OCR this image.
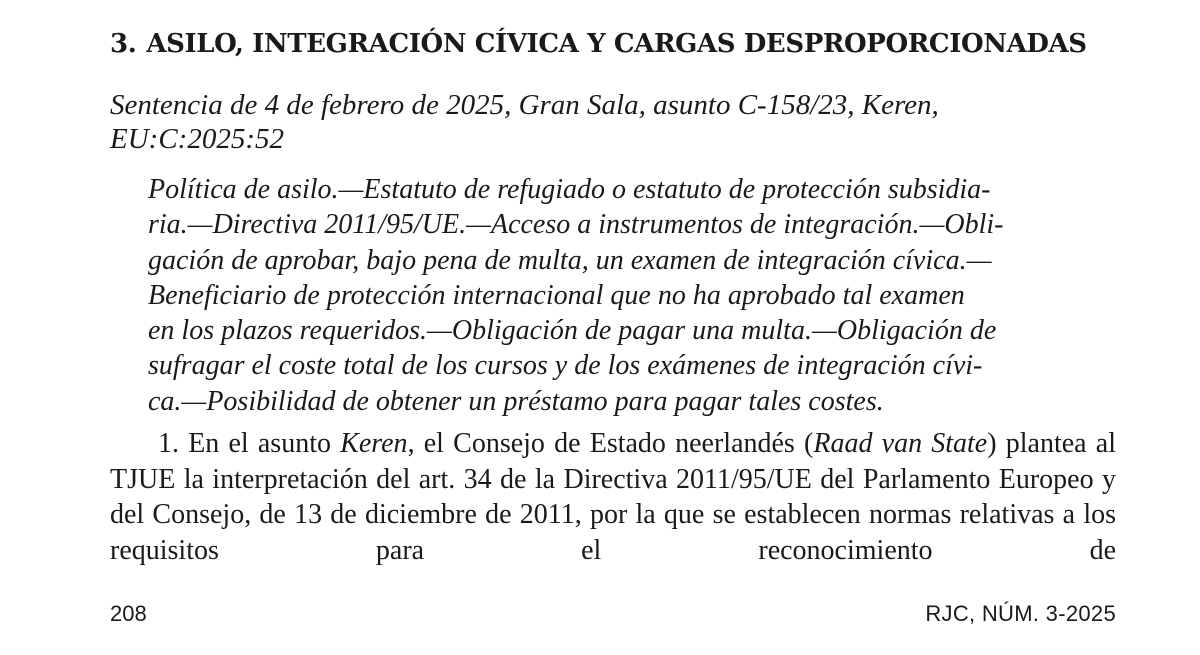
3. ASILO, INTEGRACIÓN CÍVICA Y CARGAS DESPROPORCIONADAS

Sentencia de 4 de febrero de 2025, Gran Sala, asunto C-158/23, Keren,
EU:C:2025:52

Política de asilo.—Estatuto de refugiado o estatuto de protección subsidia-
ria.—Directiva 2011/95/UE.—Acceso a instrumentos de integración.—Obli-
gación de aprobar, bajo pena de multa, un examen de integración cívica.—
Beneficiario de protección internacional que no ha aprobado tal examen
en los plazos requeridos.—Obligación de pagar una multa.—Obligación de
sufragar el coste total de los cursos y de los exámenes de integración cívi-
ca.—Posibilidad de obtener un préstamo para pagar tales costes.

1. En el asunto Keren, el Consejo de Estado neerlandés (Raad van State) plantea al TJUE la interpretación del art. 34 de la Directiva 2011/95/UE del Parlamento Europeo y del Consejo, de 13 de diciembre de 2011, por la que se establecen normas relativas a los requisitos para el reconocimiento de

208	RJC, NÚM. 3-2025
